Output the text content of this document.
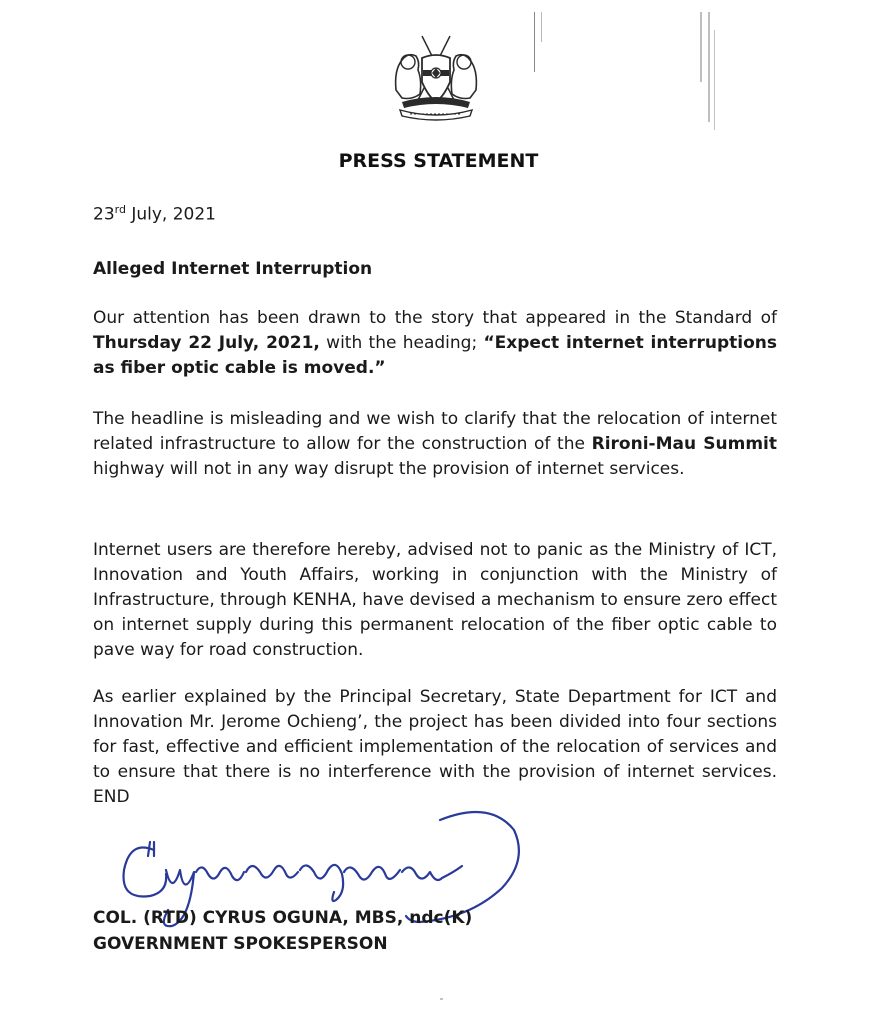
PRESS STATEMENT
23rd July, 2021
Alleged Internet Interruption

Our attention has been drawn to the story that appeared in the Standard of Thursday 22 July, 2021, with the heading; “Expect internet interruptions as fiber optic cable is moved.”

The headline is misleading and we wish to clarify that the relocation of internet related infrastructure to allow for the construction of the Rironi-Mau Summit highway will not in any way disrupt the provision of internet services.

Internet users are therefore hereby, advised not to panic as the Ministry of ICT, Innovation and Youth Affairs, working in conjunction with the Ministry of Infrastructure, through KENHA, have devised a mechanism to ensure zero effect on internet supply during this permanent relocation of the fiber optic cable to pave way for road construction.

As earlier explained by the Principal Secretary, State Department for ICT and Innovation Mr. Jerome Ochieng’, the project has been divided into four sections for fast, effective and efficient implementation of the relocation of services and to ensure that there is no interference with the provision of internet services. END

COL. (RTD) CYRUS OGUNA, MBS, ndc(K)
GOVERNMENT SPOKESPERSON
